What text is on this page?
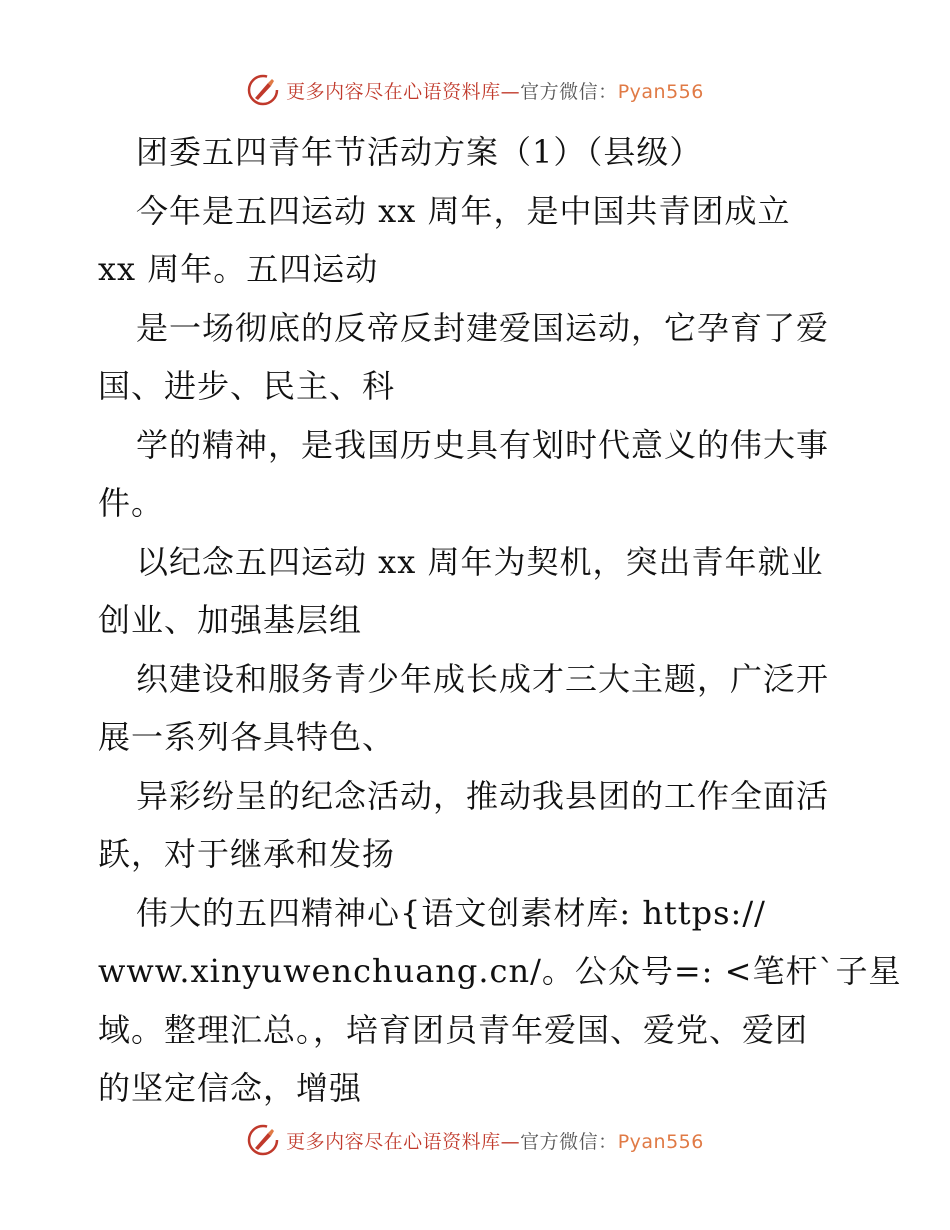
更多内容尽在心语资料库—官方微信：Pyan556
团委五四青年节活动方案（1）（县级）
今年是五四运动 xx 周年，是中国共青团成立
xx 周年。五四运动
是一场彻底的反帝反封建爱国运动，它孕育了爱
国、进步、民主、科
学的精神，是我国历史具有划时代意义的伟大事
件。
以纪念五四运动 xx 周年为契机，突出青年就业
创业、加强基层组
织建设和服务青少年成长成才三大主题，广泛开
展一系列各具特色、
异彩纷呈的纪念活动，推动我县团的工作全面活
跃，对于继承和发扬
伟大的五四精神心{语文创素材库: https://
www.xinyuwenchuang.cn/。公众号=: <笔杆`子星
域。整理汇总。，培育团员青年爱国、爱党、爱团
的坚定信念，增强
更多内容尽在心语资料库—官方微信：Pyan556
